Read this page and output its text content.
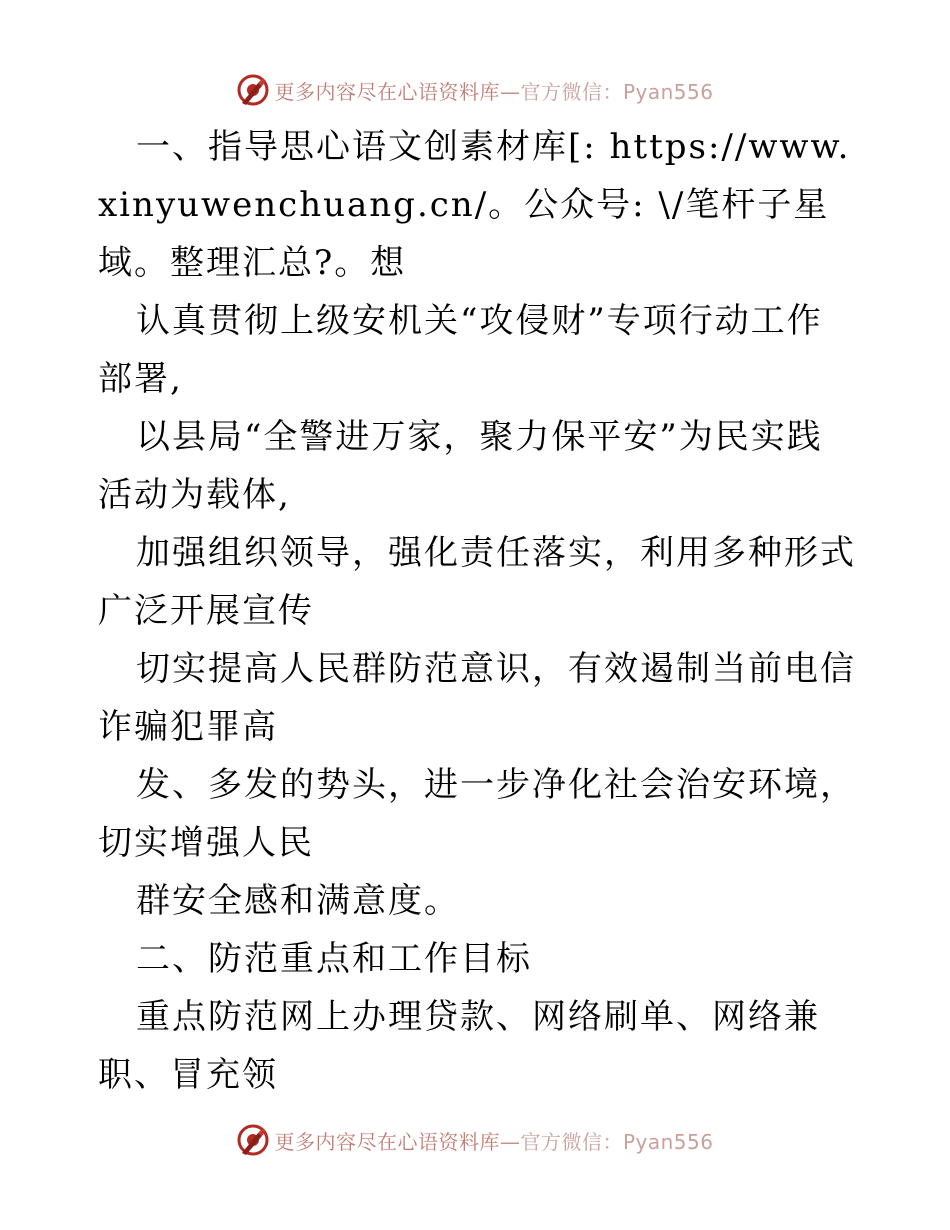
更多内容尽在心语资料库—官方微信：Pyan556

一、指导思心语文创素材库[: https://www.xinyuwenchuang.cn/。公众号: \/笔杆子星域。整理汇总?。想

认真贯彻上级安机关“攻侵财”专项行动工作部署,

以县局“全警进万家，聚力保平安”为民实践活动为载体,

加强组织领导，强化责任落实，利用多种形式广泛开展宣传

切实提高人民群防范意识，有效遏制当前电信诈骗犯罪高

发、多发的势头，进一步净化社会治安环境，切实增强人民

群安全感和满意度。

二、防范重点和工作目标

重点防范网上办理贷款、网络刷单、网络兼职、冒充领

更多内容尽在心语资料库—官方微信：Pyan556
